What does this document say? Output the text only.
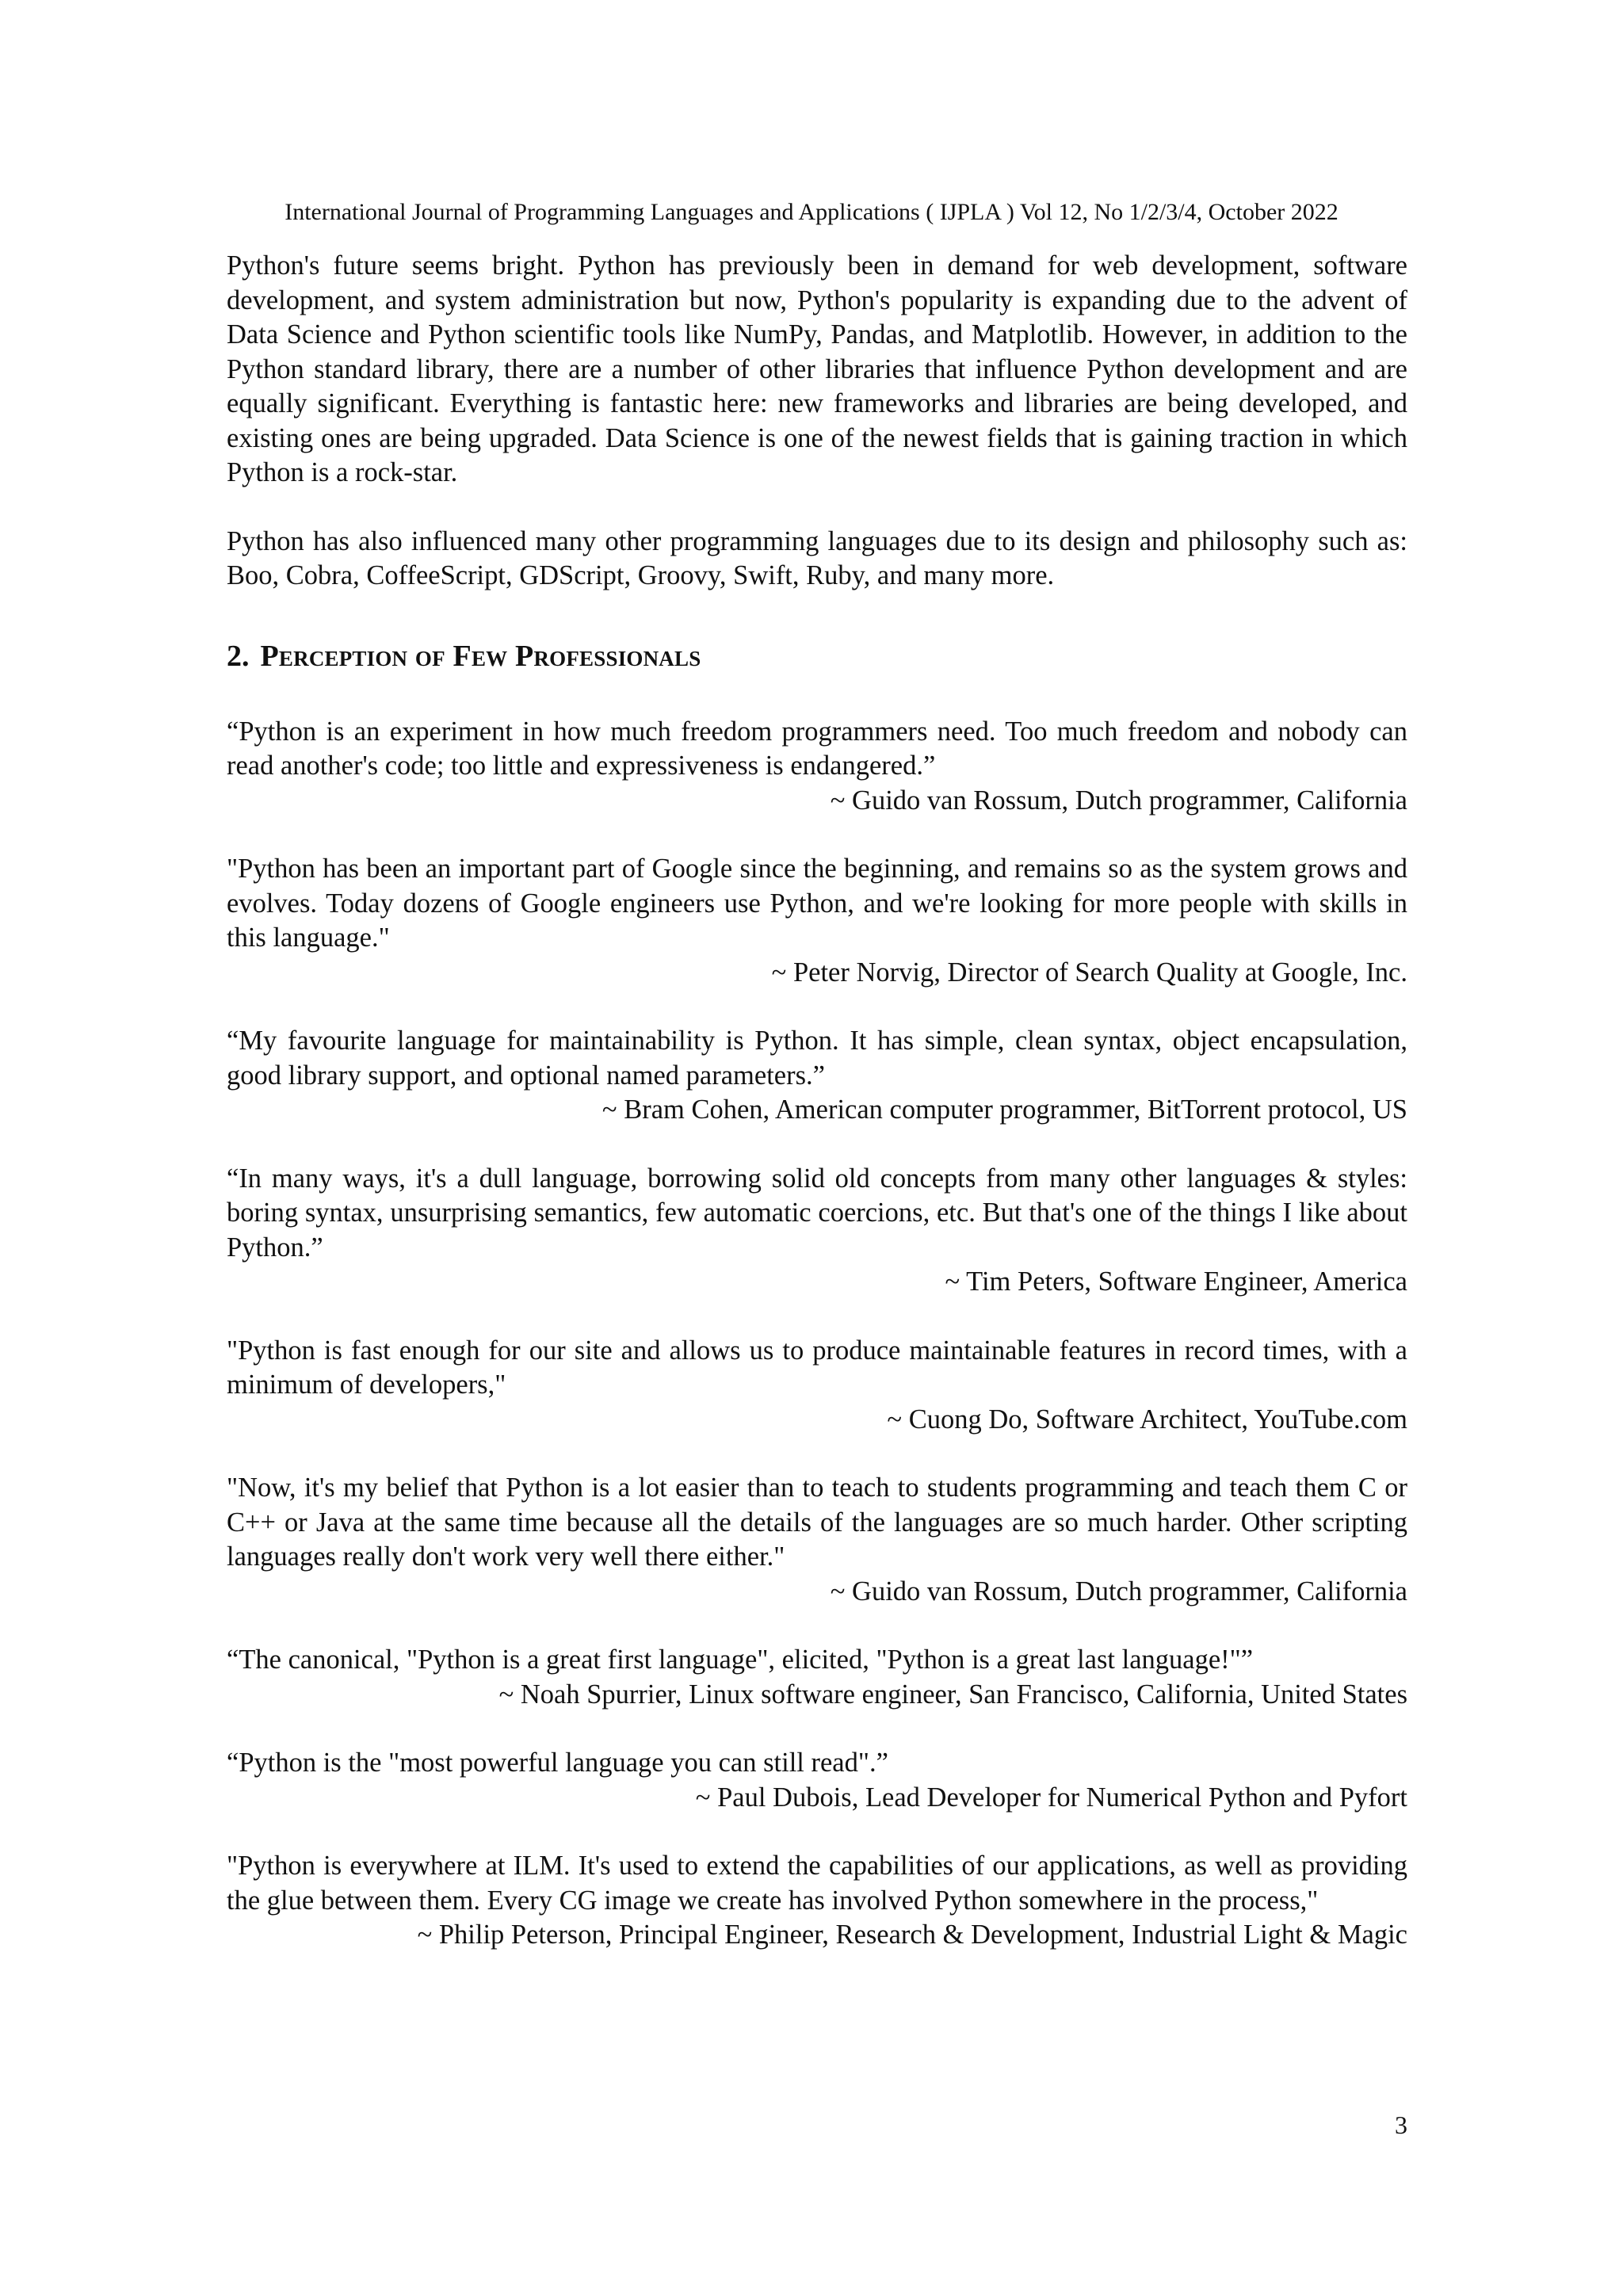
International Journal of Programming Languages and Applications ( IJPLA ) Vol 12, No 1/2/3/4, October 2022

Python's future seems bright. Python has previously been in demand for web development, software development, and system administration but now, Python's popularity is expanding due to the advent of Data Science and Python scientific tools like NumPy, Pandas, and Matplotlib. However, in addition to the Python standard library, there are a number of other libraries that influence Python development and are equally significant. Everything is fantastic here: new frameworks and libraries are being developed, and existing ones are being upgraded. Data Science is one of the newest fields that is gaining traction in which Python is a rock-star.

Python has also influenced many other programming languages due to its design and philosophy such as: Boo, Cobra, CoffeeScript, GDScript, Groovy, Swift, Ruby, and many more.

2. Perception of Few Professionals

“Python is an experiment in how much freedom programmers need. Too much freedom and nobody can read another's code; too little and expressiveness is endangered.”

~ Guido van Rossum, Dutch programmer, California

"Python has been an important part of Google since the beginning, and remains so as the system grows and evolves. Today dozens of Google engineers use Python, and we're looking for more people with skills in this language."

~ Peter Norvig, Director of Search Quality at Google, Inc.

“My favourite language for maintainability is Python. It has simple, clean syntax, object encapsulation, good library support, and optional named parameters.”

~ Bram Cohen, American computer programmer, BitTorrent protocol, US

“In many ways, it's a dull language, borrowing solid old concepts from many other languages & styles: boring syntax, unsurprising semantics, few automatic coercions, etc. But that's one of the things I like about Python.”

~ Tim Peters, Software Engineer, America

"Python is fast enough for our site and allows us to produce maintainable features in record times, with a minimum of developers,"

~ Cuong Do, Software Architect, YouTube.com

"Now, it's my belief that Python is a lot easier than to teach to students programming and teach them C or C++ or Java at the same time because all the details of the languages are so much harder. Other scripting languages really don't work very well there either."

~ Guido van Rossum, Dutch programmer, California

“The canonical, "Python is a great first language", elicited, "Python is a great last language!"”

~ Noah Spurrier, Linux software engineer, San Francisco, California, United States

“Python is the "most powerful language you can still read".”

~ Paul Dubois, Lead Developer for Numerical Python and Pyfort

"Python is everywhere at ILM. It's used to extend the capabilities of our applications, as well as providing the glue between them. Every CG image we create has involved Python somewhere in the process,"

~ Philip Peterson, Principal Engineer, Research & Development, Industrial Light & Magic

3
